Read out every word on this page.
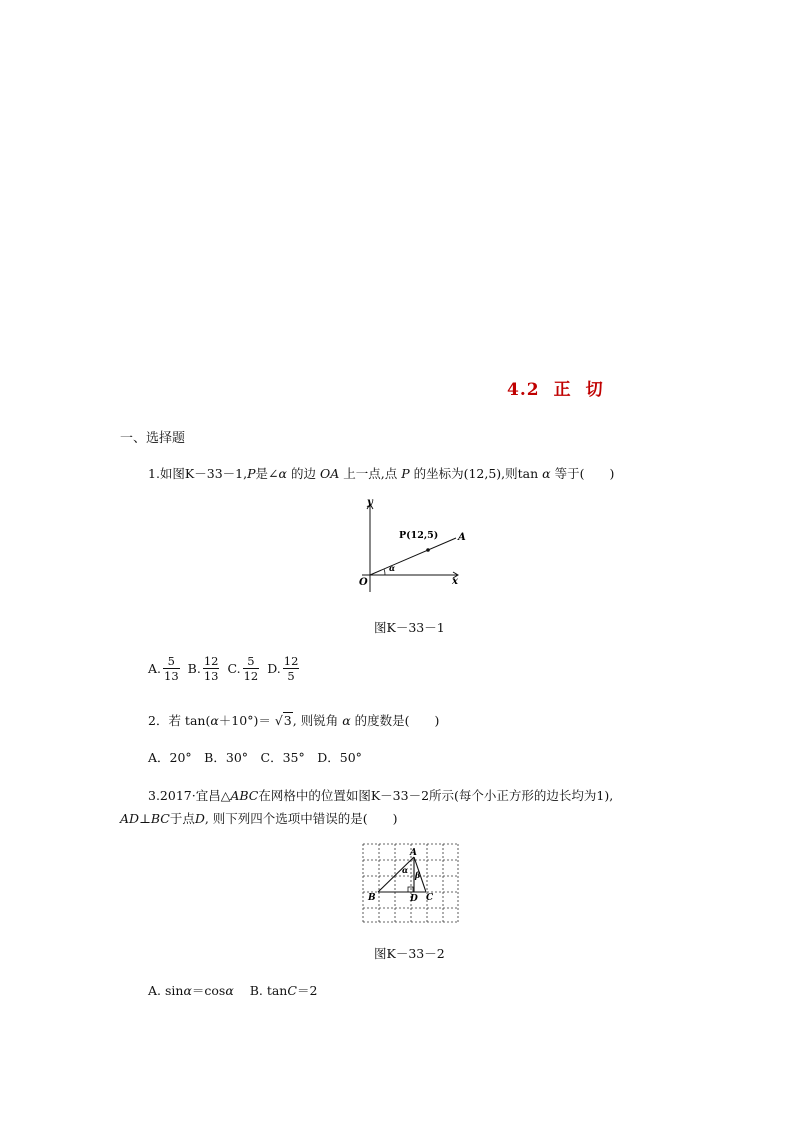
4.2 正 切
一、选择题
1.如图K－33－1,P是∠α 的边 OA 上一点,点 P 的坐标为(12,5),则tan α 等于(　　)
y
x
O
A
P(12,5)
α
图K－33－1
A. $\frac{5}{13} B$. $\frac{12}{13} C$. $\frac{5}{12} D$. $\frac{12}{5}$
2．若 tan(α＋10°)＝ √3, 则锐角 α 的度数是(　　)
A．20°　B．30°　C．35°　D．50°
3.2017·宜昌△ABC在网格中的位置如图K－33－2所示(每个小正方形的边长均为1),
AD⊥BC于点D, 则下列四个选项中错误的是(　　)
A
B	C
D
α β
图K－33－2
A. sinα＝cosα B. tanC＝2
